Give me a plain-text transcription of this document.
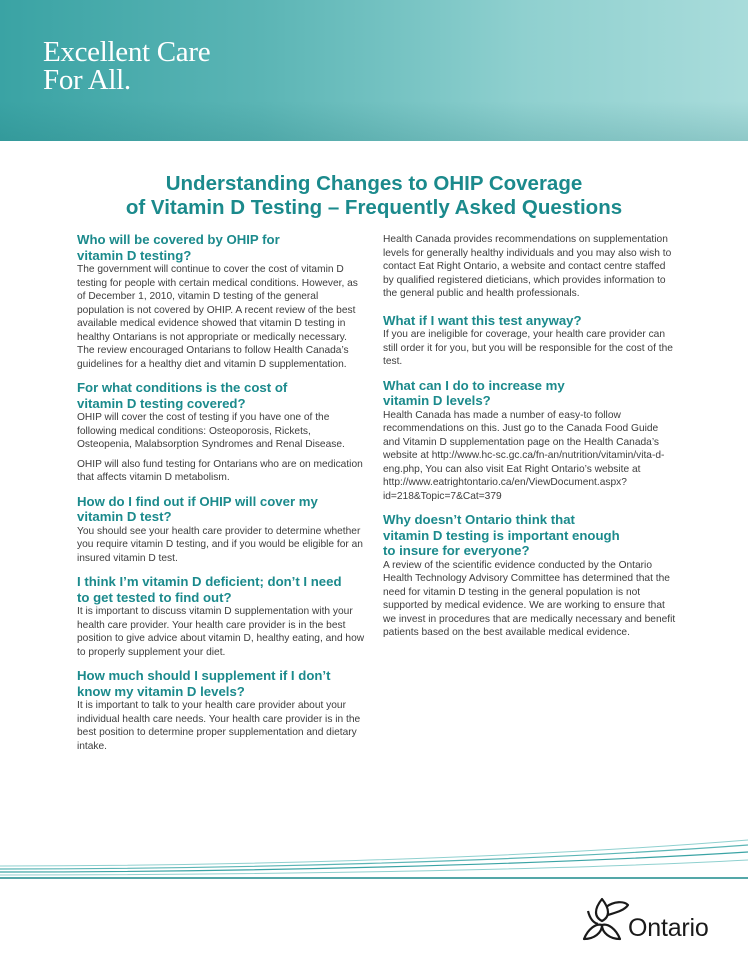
Excellent Care
For All.
Understanding Changes to OHIP Coverage
of Vitamin D Testing – Frequently Asked Questions
Who will be covered by OHIP for
vitamin D testing?

The government will continue to cover the cost of vitamin D testing for people with certain medical conditions. However, as of December 1, 2010, vitamin D testing of the general population is not covered by OHIP. A recent review of the best available medical evidence showed that vitamin D testing in healthy Ontarians is not appropriate or medically necessary. The review encouraged Ontarians to follow Health Canada’s guidelines for a healthy diet and vitamin D supplementation.

For what conditions is the cost of
vitamin D testing covered?

OHIP will cover the cost of testing if you have one of the following medical conditions: Osteoporosis, Rickets, Osteopenia, Malabsorption Syndromes and Renal Disease.

OHIP will also fund testing for Ontarians who are on medication that affects vitamin D metabolism.

How do I find out if OHIP will cover my
vitamin D test?

You should see your health care provider to determine whether you require vitamin D testing, and if you would be eligible for an insured vitamin D test.

I think I’m vitamin D deficient; don’t I need
to get tested to find out?

It is important to discuss vitamin D supplementation with your health care provider. Your health care provider is in the best position to give advice about vitamin D, healthy eating, and how to properly supplement your diet.

How much should I supplement if I don’t
know my vitamin D levels?

It is important to talk to your health care provider about your individual health care needs. Your health care provider is in the best position to determine proper supplementation and dietary intake.

Health Canada provides recommendations on supplementation levels for generally healthy individuals and you may also wish to contact Eat Right Ontario, a website and contact centre staffed by qualified registered dieticians, which provides information to the general public and health professionals.

What if I want this test anyway?

If you are ineligible for coverage, your health care provider can still order it for you, but you will be responsible for the cost of the test.

What can I do to increase my
vitamin D levels?

Health Canada has made a number of easy-to follow recommendations on this. Just go to the Canada Food Guide and Vitamin D supplementation page on the Health Canada’s website at http://www.hc-sc.gc.ca/fn-an/nutrition/vitamin/vita-d-eng.php, You can also visit Eat Right Ontario’s website at http://www.eatrightontario.ca/en/ViewDocument.aspx?id=218&Topic=7&Cat=379

Why doesn’t Ontario think that
vitamin D testing is important enough
to insure for everyone?

A review of the scientific evidence conducted by the Ontario Health Technology Advisory Committee has determined that the need for vitamin D testing in the general population is not supported by medical evidence. We are working to ensure that we invest in procedures that are medically necessary and benefit patients based on the best available medical evidence.

Ontario
